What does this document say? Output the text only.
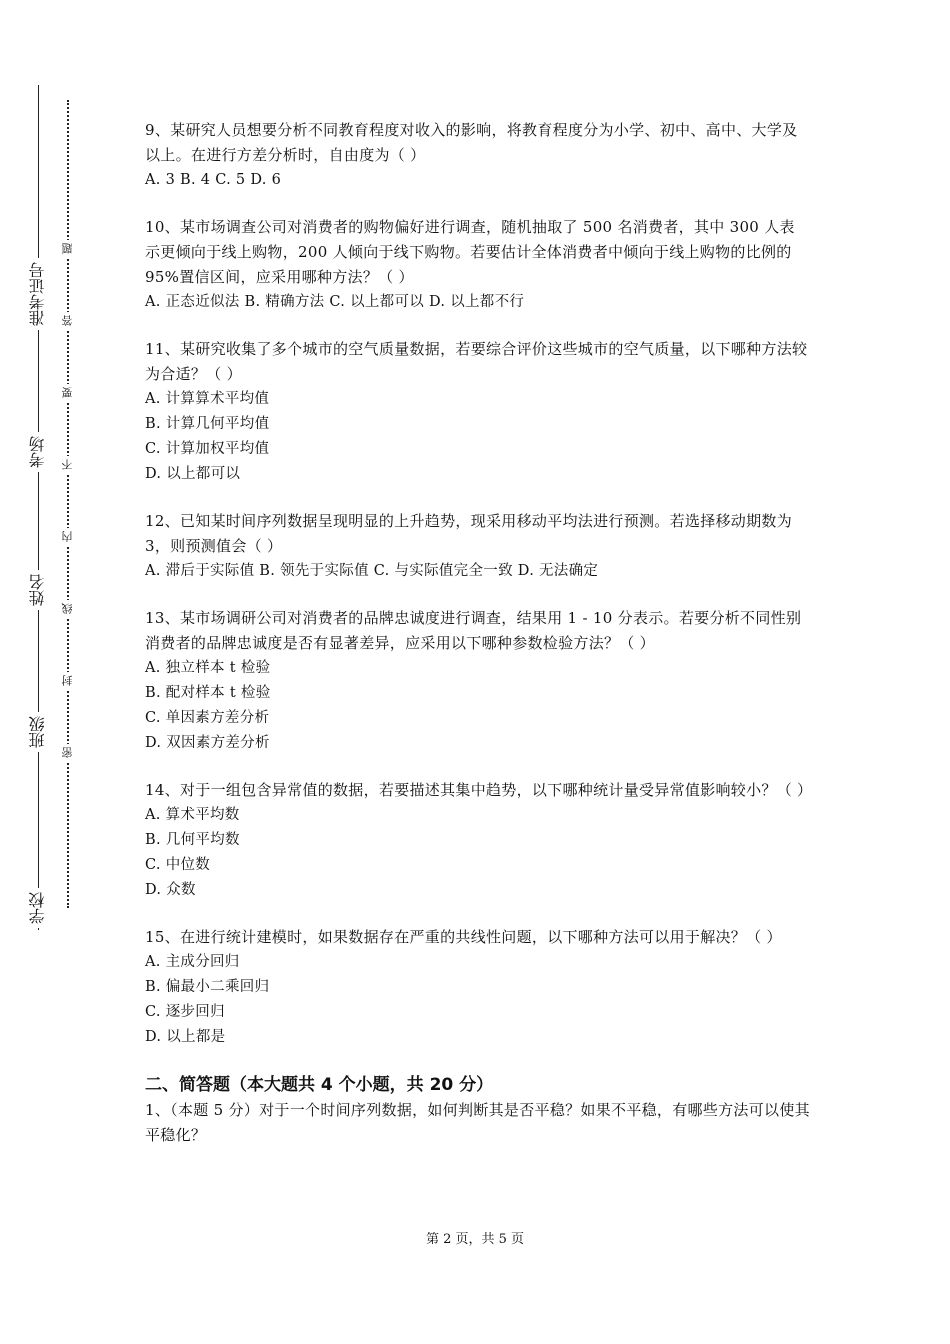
准考证号
考场
姓名
班级
学校
题
答
要
不
内
线
封
密

9、某研究人员想要分析不同教育程度对收入的影响，将教育程度分为小学、初中、高中、大学及以上。在进行方差分析时，自由度为（ ）

A. 3 B. 4 C. 5 D. 6

10、某市场调查公司对消费者的购物偏好进行调查，随机抽取了 500 名消费者，其中 300 人表示更倾向于线上购物，200 人倾向于线下购物。若要估计全体消费者中倾向于线上购物的比例的 95%置信区间，应采用哪种方法？（ ）

A. 正态近似法 B. 精确方法 C. 以上都可以 D. 以上都不行

11、某研究收集了多个城市的空气质量数据，若要综合评价这些城市的空气质量，以下哪种方法较为合适？（ ）

A. 计算算术平均值

B. 计算几何平均值

C. 计算加权平均值

D. 以上都可以

12、已知某时间序列数据呈现明显的上升趋势，现采用移动平均法进行预测。若选择移动期数为 3，则预测值会（ ）

A. 滞后于实际值 B. 领先于实际值 C. 与实际值完全一致 D. 无法确定

13、某市场调研公司对消费者的品牌忠诚度进行调查，结果用 1 - 10 分表示。若要分析不同性别消费者的品牌忠诚度是否有显著差异，应采用以下哪种参数检验方法？（ ）

A. 独立样本 t 检验

B. 配对样本 t 检验

C. 单因素方差分析

D. 双因素方差分析

14、对于一组包含异常值的数据，若要描述其集中趋势，以下哪种统计量受异常值影响较小？（ ）

A. 算术平均数

B. 几何平均数

C. 中位数

D. 众数

15、在进行统计建模时，如果数据存在严重的共线性问题，以下哪种方法可以用于解决？（ ）

A. 主成分回归

B. 偏最小二乘回归

C. 逐步回归

D. 以上都是

二、简答题（本大题共 4 个小题，共 20 分）

1、（本题 5 分）对于一个时间序列数据，如何判断其是否平稳？如果不平稳，有哪些方法可以使其平稳化？

第 2 页，共 5 页
